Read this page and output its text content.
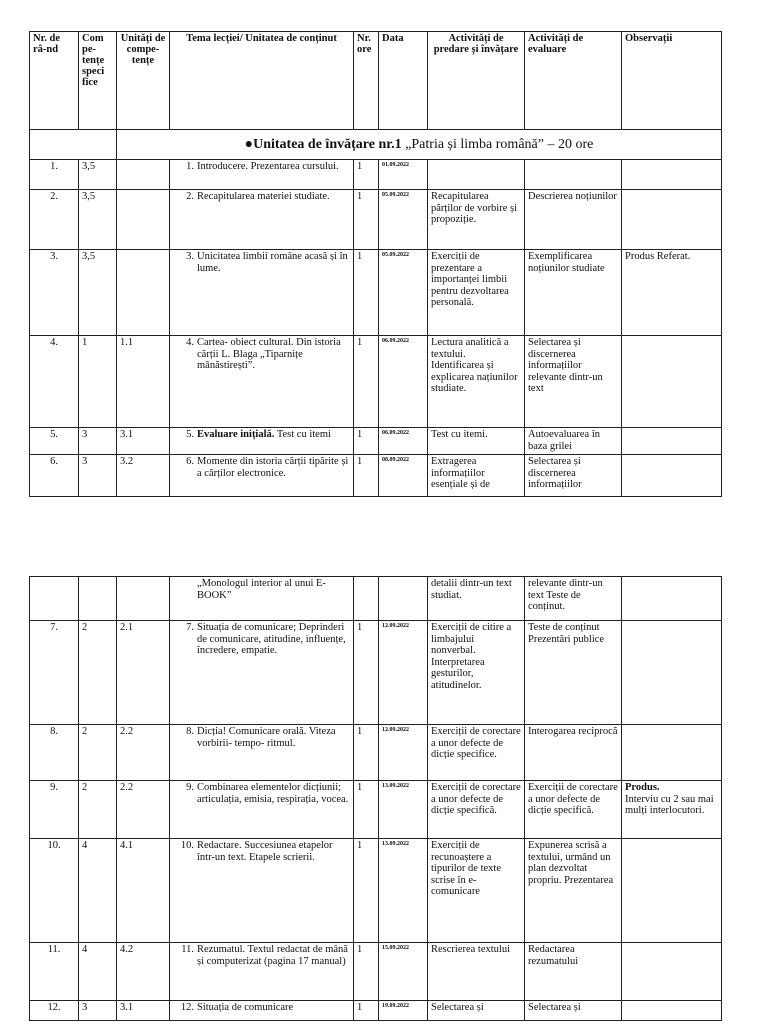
Nr. de râ-nd	Com pe-tențe speci fice	Unități de compe-tențe	Tema lecției/ Unitatea de conținut	Nr. ore	Data	Activități de predare și învățare	Activități de evaluare	Observații
		●Unitatea de învățare nr.1 „Patria și limba română” – 20 ore						
1.	3,5		1. Introducere. Prezentarea cursului.	1	01.09.2022			
2.	3,5		2. Recapitularea materiei studiate.	1	05.09.2022	Recapitularea părților de vorbire și propoziție.	Descrierea noțiunilor	
3.	3,5		3. Unicitatea limbii române acasă și în lume.	1	05.09.2022	Exerciții de prezentare a importanței limbii pentru dezvoltarea personală.	Exemplificarea noțiunilor studiate	Produs Referat.
4.	1	1.1	4. Cartea- obiect cultural. Din istoria cărții L. Blaga „Tiparnițe mănăstirești”.	1	06.09.2022	Lectura analitică a textului. Identificarea și explicarea națiunilor studiate.	Selectarea și discernerea informațiilor relevante dintr-un text	
5.	3	3.1	5. Evaluare inițială. Test cu itemi	1	06.09.2022	Test cu itemi.	Autoevaluarea în baza grilei	
6.	3	3.2	6. Momente din istoria cărții tipărite și a cărților electronice.	1	08.09.2022	Extragerea informațiilor esențiale și de	Selectarea și discernerea informațiilor	
			„Monologul interior al unui E-BOOK”			detalii dintr-un text studiat.	relevante dintr-un text Teste de conținut.	
7.	2	2.1	7. Situația de comunicare; Deprinderi de comunicare, atitudine, influențe, încredere, empatie.	1	12.09.2022	Exerciții de citire a limbajului nonverbal. Interpretarea gesturilor, atitudinelor.	Teste de conținut Prezentări publice	
8.	2	2.2	8. Dicția! Comunicare orală. Viteza vorbirii- tempo- ritmul.	1	12.09.2022	Exerciții de corectare a unor defecte de dicție specifice.	Interogarea reciprocă	
9.	2	2.2	9. Combinarea elementelor dicțiunii; articulația, emisia, respirația, vocea.	1	13.09.2022	Exerciții de corectare a unor defecte de dicție specifică.	Exerciții de corectare a unor defecte de dicție specifică.	Produs.
Interviu cu 2 sau mai mulți interlocutori.
10.	4	4.1	10. Redactare. Succesiunea etapelor într-un text. Etapele scrierii.	1	13.09.2022	Exerciții de recunoaștere a tipurilor de texte scrise în e-comunicare	Expunerea scrisă a textului, urmând un plan dezvoltat propriu. Prezentarea	
11.	4	4.2	11. Rezumatul. Textul redactat de mână și computerizat (pagina 17 manual)	1	15.09.2022	Rescrierea textului	Redactarea rezumatului	
12.	3	3.1	12. Situația de comunicare	1	19.09.2022	Selectarea și	Selectarea și	
